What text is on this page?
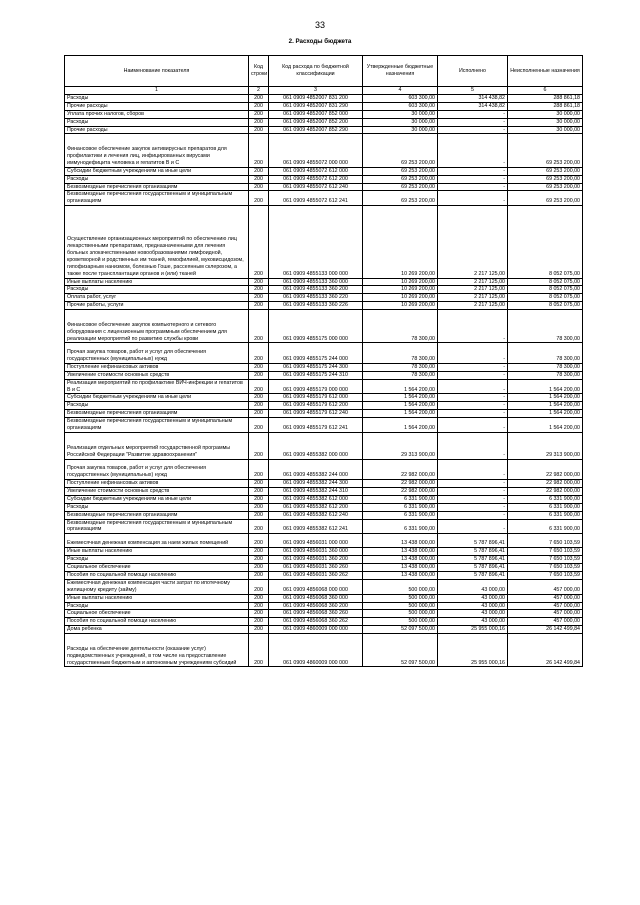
33
2. Расходы бюджета
Наименование показателя	Код строки	Код расхода по бюджетной классификации	Утвержденные бюджетные назначения	Исполнено	Неисполненные назначения
1	2	3	4	5	6
Расходы	200	061 0909 4852007 831 200	603 300,00	314 438,82	288 861,18
Прочие расходы	200	061 0909 4852007 831 290	603 300,00	314 438,82	288 861,18
Уплата прочих налогов, сборов	200	061 0909 4852007 852 000	30 000,00	-	30 000,00
Расходы	200	061 0909 4852007 852 200	30 000,00	-	30 000,00
Прочие расходы	200	061 0909 4852007 852 290	30 000,00	-	30 000,00
Финансовое обеспечение закупок антивирусных препаратов для профилактики и лечения лиц, инфицированных вирусами иммунодефицита человека и гепатитов В и С	200	061 0909 4855072 000 000	69 253 200,00	-	69 253 200,00
Субсидии бюджетным учреждениям на иные цели	200	061 0909 4855072 612 000	69 253 200,00	-	69 253 200,00
Расходы	200	061 0909 4855072 612 200	69 253 200,00	-	69 253 200,00
Безвозмездные перечисления организациям	200	061 0909 4855072 612 240	69 253 200,00	-	69 253 200,00
Безвозмездные перечисления государственным и муниципальным организациям	200	061 0909 4855072 612 241	69 253 200,00	-	69 253 200,00
Осуществление организационных мероприятий по обеспечению лиц лекарственными препаратами, предназначенными для лечения больных злокачественными новообразованиями лимфоидной, кроветворной и родственных им тканей, гемофилией, муковисцидозом, гипофизарным нанизмом, болезнью Гоше, рассеянным склерозом, а также после трансплантации органов и (или) тканей	200	061 0909 4855133 000 000	10 269 200,00	2 217 125,00	8 052 075,00
Иные выплаты населению	200	061 0909 4855133 360 000	10 269 200,00	2 217 125,00	8 052 075,00
Расходы	200	061 0909 4855133 360 200	10 269 200,00	2 217 125,00	8 052 075,00
Оплата работ, услуг	200	061 0909 4855133 360 220	10 269 200,00	2 217 125,00	8 052 075,00
Прочие работы, услуги	200	061 0909 4855133 360 226	10 269 200,00	2 217 125,00	8 052 075,00
Финансовое обеспечение закупок компьютерного и сетевого оборудования с лицензионным программным обеспечением для реализации мероприятий по развитию службы крови	200	061 0909 4855175 000 000	78 300,00	-	78 300,00
Прочая закупка товаров, работ и услуг для обеспечения государственных (муниципальных) нужд	200	061 0909 4855175 244 000	78 300,00	-	78 300,00
Поступление нефинансовых активов	200	061 0909 4855175 244 300	78 300,00	-	78 300,00
Увеличение стоимости основных средств	200	061 0909 4855175 244 310	78 300,00	-	78 300,00
Реализация мероприятий по профилактике ВИЧ-инфекции и гепатитов В и С	200	061 0909 4855179 000 000	1 564 200,00	-	1 564 200,00
Субсидии бюджетным учреждениям на иные цели	200	061 0909 4855179 612 000	1 564 200,00	-	1 564 200,00
Расходы	200	061 0909 4855179 612 200	1 564 200,00	-	1 564 200,00
Безвозмездные перечисления организациям	200	061 0909 4855179 612 240	1 564 200,00	-	1 564 200,00
Безвозмездные перечисления государственным и муниципальным организациям	200	061 0909 4855179 612 241	1 564 200,00	-	1 564 200,00
Реализация отдельных мероприятий государственной программы Российской Федерации "Развитие здравоохранения"	200	061 0909 4855382 000 000	29 313 900,00	-	29 313 900,00
Прочая закупка товаров, работ и услуг для обеспечения государственных (муниципальных) нужд	200	061 0909 4855382 244 000	22 982 000,00	-	22 982 000,00
Поступление нефинансовых активов	200	061 0909 4855382 244 300	22 982 000,00	-	22 982 000,00
Увеличение стоимости основных средств	200	061 0909 4855382 244 310	22 982 000,00	-	22 982 000,00
Субсидии бюджетным учреждениям на иные цели	200	061 0909 4855382 612 000	6 331 900,00	-	6 331 900,00
Расходы	200	061 0909 4855382 612 200	6 331 900,00	-	6 331 900,00
Безвозмездные перечисления организациям	200	061 0909 4855382 612 240	6 331 900,00	-	6 331 900,00
Безвозмездные перечисления государственным и муниципальным организациям	200	061 0909 4855382 612 241	6 331 900,00	-	6 331 900,00
Ежемесячная денежная компенсация за наем жилых помещений	200	061 0909 4856031 000 000	13 438 000,00	5 787 896,41	7 650 103,59
Иные выплаты населению	200	061 0909 4856031 360 000	13 438 000,00	5 787 896,41	7 650 103,59
Расходы	200	061 0909 4856031 360 200	13 438 000,00	5 787 896,41	7 650 103,59
Социальное обеспечение	200	061 0909 4856031 360 260	13 438 000,00	5 787 896,41	7 650 103,59
Пособия по социальной помощи населению	200	061 0909 4856031 360 262	13 438 000,00	5 787 896,41	7 650 103,59
Ежемесячная денежная компенсация части затрат по ипотечному жилищному кредиту (займу)	200	061 0909 4856068 000 000	500 000,00	43 000,00	457 000,00
Иные выплаты населению	200	061 0909 4856068 360 000	500 000,00	43 000,00	457 000,00
Расходы	200	061 0909 4856068 360 200	500 000,00	43 000,00	457 000,00
Социальное обеспечение	200	061 0909 4856068 360 260	500 000,00	43 000,00	457 000,00
Пособия по социальной помощи населению	200	061 0909 4856068 360 262	500 000,00	43 000,00	457 000,00
Дома ребенка	200	061 0909 4860009 000 000	52 097 500,00	25 955 000,16	26 142 499,84
Расходы на обеспечение деятельности (оказание услуг) подведомственных учреждений, в том числе на предоставление государственным бюджетным и автономным учреждениям субсидий	200	061 0909 4860009 000 000	52 097 500,00	25 955 000,16	26 142 499,84
